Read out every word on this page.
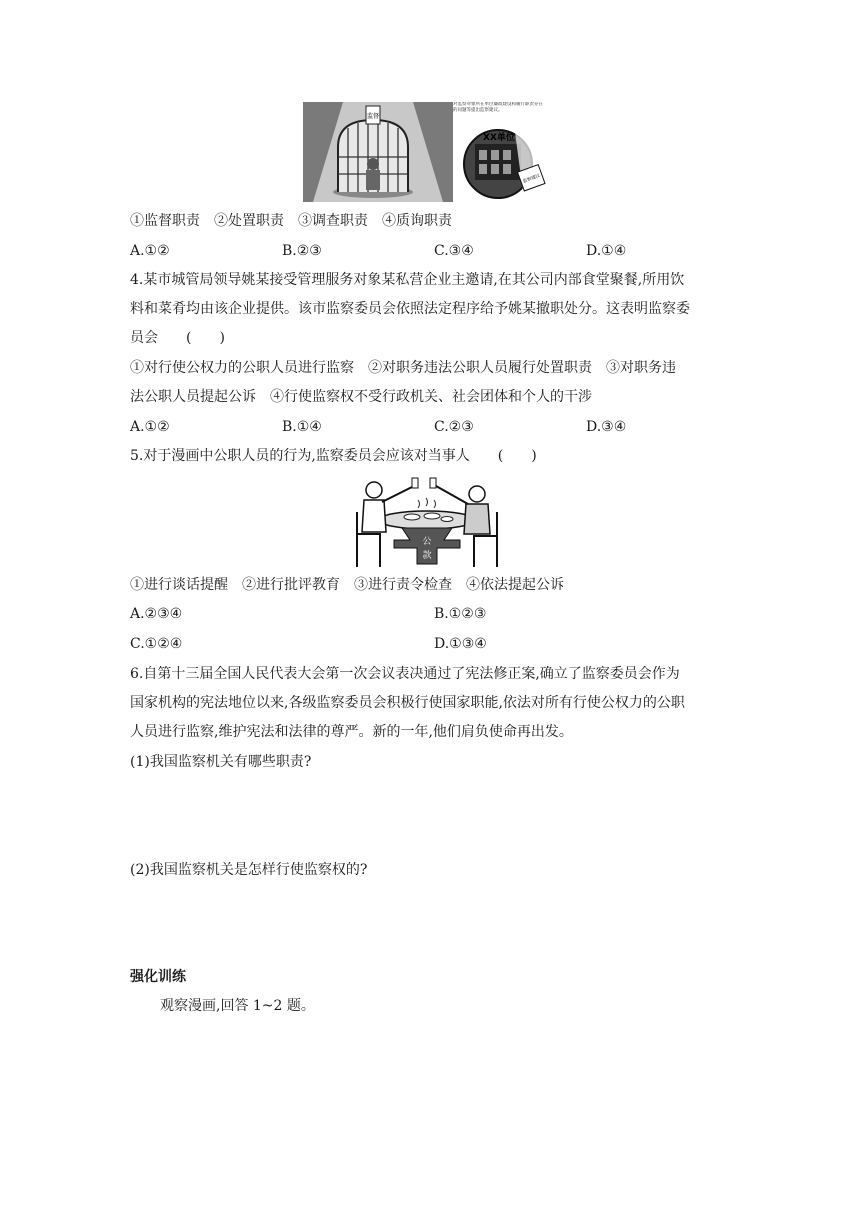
监督
XX单位
对监察对象所在单位廉政建设和履行职责存在的问题等提出监察建议。
监察建议
①监督职责　②处置职责　③调查职责　④质询职责
A.①②	B.②③	C.③④	D.①④
4.某市城管局领导姚某接受管理服务对象某私营企业主邀请,在其公司内部食堂聚餐,所用饮
料和菜肴均由该企业提供。该市监察委员会依照法定程序给予姚某撤职处分。这表明监察委
员会　　(　　)
①对行使公权力的公职人员进行监察　②对职务违法公职人员履行处置职责　③对职务违
法公职人员提起公诉　④行使监察权不受行政机关、社会团体和个人的干涉
A.①②	B.①④	C.②③	D.③④
5.对于漫画中公职人员的行为,监察委员会应该对当事人　　(　　)
公
款
①进行谈话提醒　②进行批评教育　③进行责令检查　④依法提起公诉
A.②③④	B.①②③
C.①②④	D.①③④
6.自第十三届全国人民代表大会第一次会议表决通过了宪法修正案,确立了监察委员会作为
国家机构的宪法地位以来,各级监察委员会积极行使国家职能,依法对所有行使公权力的公职
人员进行监察,维护宪法和法律的尊严。新的一年,他们肩负使命再出发。
(1)我国监察机关有哪些职责?
(2)我国监察机关是怎样行使监察权的?
强化训练
观察漫画,回答 1~2 题。
